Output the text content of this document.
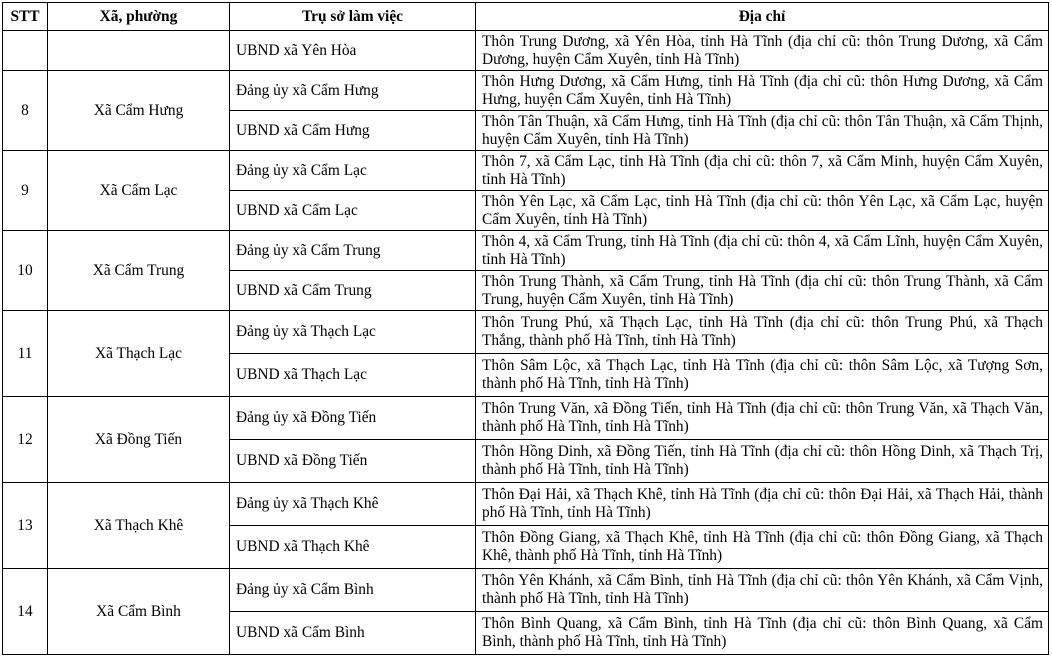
STT	Xã, phường	Trụ sở làm việc	Địa chỉ
		UBND xã Yên Hòa	Thôn Trung Dương, xã Yên Hòa, tỉnh Hà Tĩnh (địa chỉ cũ: thôn Trung Dương, xã Cẩm Dương, huyện Cẩm Xuyên, tỉnh Hà Tĩnh)
8	Xã Cẩm Hưng	Đảng ủy xã Cẩm Hưng	Thôn Hưng Dương, xã Cẩm Hưng, tỉnh Hà Tĩnh (địa chỉ cũ: thôn Hưng Dương, xã Cẩm Hưng, huyện Cẩm Xuyên, tỉnh Hà Tĩnh)
		UBND xã Cẩm Hưng	Thôn Tân Thuận, xã Cẩm Hưng, tỉnh Hà Tĩnh (địa chỉ cũ: thôn Tân Thuận, xã Cẩm Thịnh, huyện Cẩm Xuyên, tỉnh Hà Tĩnh)
9	Xã Cẩm Lạc	Đảng ủy xã Cẩm Lạc	Thôn 7, xã Cẩm Lạc, tỉnh Hà Tĩnh (địa chỉ cũ: thôn 7, xã Cẩm Minh, huyện Cẩm Xuyên, tỉnh Hà Tĩnh)
		UBND xã Cẩm Lạc	Thôn Yên Lạc, xã Cẩm Lạc, tỉnh Hà Tĩnh (địa chỉ cũ: thôn Yên Lạc, xã Cẩm Lạc, huyện Cẩm Xuyên, tỉnh Hà Tĩnh)
10	Xã Cẩm Trung	Đảng ủy xã Cẩm Trung	Thôn 4, xã Cẩm Trung, tỉnh Hà Tĩnh (địa chỉ cũ: thôn 4, xã Cẩm Lĩnh, huyện Cẩm Xuyên, tỉnh Hà Tĩnh)
		UBND xã Cẩm Trung	Thôn Trung Thành, xã Cẩm Trung, tỉnh Hà Tĩnh (địa chỉ cũ: thôn Trung Thành, xã Cẩm Trung, huyện Cẩm Xuyên, tỉnh Hà Tĩnh)
11	Xã Thạch Lạc	Đảng ủy xã Thạch Lạc	Thôn Trung Phú, xã Thạch Lạc, tỉnh Hà Tĩnh (địa chỉ cũ: thôn Trung Phú, xã Thạch Thắng, thành phố Hà Tĩnh, tỉnh Hà Tĩnh)
		UBND xã Thạch Lạc	Thôn Sâm Lộc, xã Thạch Lạc, tỉnh Hà Tĩnh (địa chỉ cũ: thôn Sâm Lộc, xã Tượng Sơn, thành phố Hà Tĩnh, tỉnh Hà Tĩnh)
12	Xã Đồng Tiến	Đảng ủy xã Đồng Tiến	Thôn Trung Văn, xã Đồng Tiến, tỉnh Hà Tĩnh (địa chỉ cũ: thôn Trung Văn, xã Thạch Văn, thành phố Hà Tĩnh, tỉnh Hà Tĩnh)
		UBND xã Đồng Tiến	Thôn Hồng Dinh, xã Đồng Tiến, tỉnh Hà Tĩnh (địa chỉ cũ: thôn Hồng Dinh, xã Thạch Trị, thành phố Hà Tĩnh, tỉnh Hà Tĩnh)
13	Xã Thạch Khê	Đảng ủy xã Thạch Khê	Thôn Đại Hải, xã Thạch Khê, tỉnh Hà Tĩnh (địa chỉ cũ: thôn Đại Hải, xã Thạch Hải, thành phố Hà Tĩnh, tỉnh Hà Tĩnh)
		UBND xã Thạch Khê	Thôn Đồng Giang, xã Thạch Khê, tỉnh Hà Tĩnh (địa chỉ cũ: thôn Đồng Giang, xã Thạch Khê, thành phố Hà Tĩnh, tỉnh Hà Tĩnh)
14	Xã Cẩm Bình	Đảng ủy xã Cẩm Bình	Thôn Yên Khánh, xã Cẩm Bình, tỉnh Hà Tĩnh (địa chỉ cũ: thôn Yên Khánh, xã Cẩm Vịnh, thành phố Hà Tĩnh, tỉnh Hà Tĩnh)
		UBND xã Cẩm Bình	Thôn Bình Quang, xã Cẩm Bình, tỉnh Hà Tĩnh (địa chỉ cũ: thôn Bình Quang, xã Cẩm Bình, thành phố Hà Tĩnh, tỉnh Hà Tĩnh)
